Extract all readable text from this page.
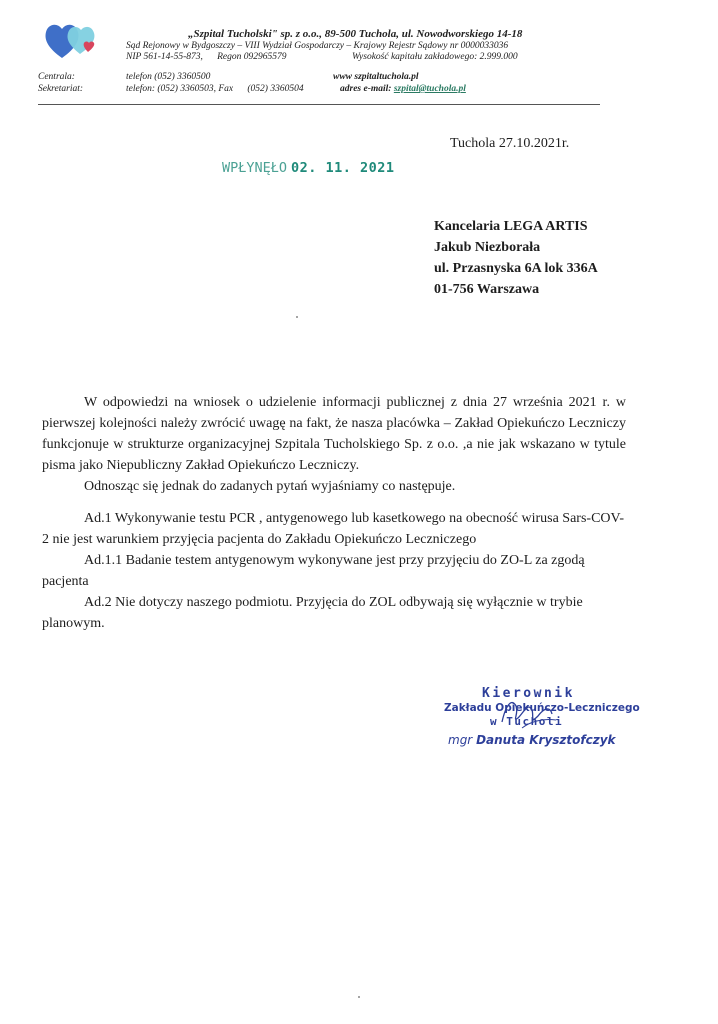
„Szpital Tucholski" sp. z o.o., 89-500 Tuchola, ul. Nowodworskiego 14-18
Sąd Rejonowy w Bydgoszczy – VIII Wydział Gospodarczy – Krajowy Rejestr Sądowy nr 0000033036
NIP 561-14-55-873,      Regon 092965579	Wysokość kapitału zakładowego: 2.999.000
Centrala:
Sekretariat:
telefon (052) 3360500
telefon: (052) 3360503, Fax      (052) 3360504
www szpitaltuchola.pl
adres e-mail: szpital@tuchola.pl
Tuchola 27.10.2021r.
WPŁYNĘŁO 02. 11. 2021
Kancelaria LEGA ARTIS
Jakub Niezborała
ul. Przasnyska 6A lok 336A
01-756 Warszawa

W odpowiedzi na wniosek o udzielenie informacji publicznej z dnia 27 września 2021 r. w pierwszej kolejności należy zwrócić uwagę na fakt, że nasza placówka – Zakład Opiekuńczo Leczniczy funkcjonuje w strukturze organizacyjnej Szpitala Tucholskiego Sp. z o.o. ,a nie jak wskazano w tytule pisma jako Niepubliczny Zakład Opiekuńczo Leczniczy.

Odnosząc się jednak do zadanych pytań wyjaśniamy co następuje.

Ad.1 Wykonywanie testu PCR , antygenowego lub kasetkowego na obecność wirusa Sars-COV-2 nie jest warunkiem przyjęcia pacjenta do Zakładu Opiekuńczo Leczniczego

Ad.1.1 Badanie testem antygenowym wykonywane jest przy przyjęciu do ZO-L za zgodą pacjenta

Ad.2 Nie dotyczy naszego podmiotu. Przyjęcia do ZOL odbywają się wyłącznie w trybie planowym.

Kierownik
Zakładu Opiekuńczo-Leczniczego
w Tucholi
mgr Danuta Krysztofczyk
